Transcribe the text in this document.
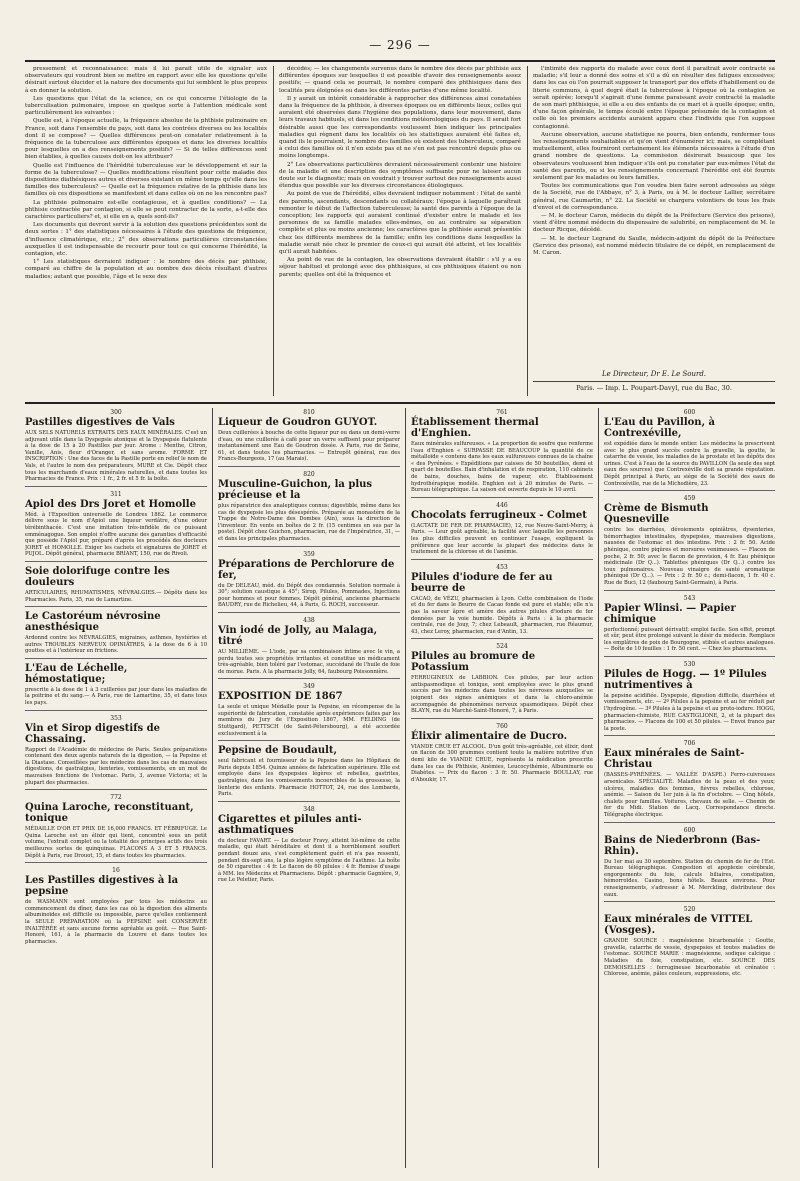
— 296 —

pressement et reconnaissance: mais il lui paraît utile de signaler aux observateurs qui voudront bien se mettre en rapport avec elle les questions qu'elle désirait surtout élucider et la nature des documents qui lui semblent le plus propres à en donner la solution.

Les questions que l'état de la science, en ce qui concerne l'étiologie de la tuberculisation pulmonaire, impose en quelque sorte à l'attention médicale sont particulièrement les suivantes :

Quelle est, à l'époque actuelle, la fréquence absolue de la phthisie pulmonaire en France, soit dans l'ensemble du pays, soit dans les contrées diverses ou les localités dont il se compose? — Quelles différences peut-on constater relativement à la fréquence de la tuberculose aux différentes époques et dans les diverses localités pour lesquelles on a des renseignements positifs? — Si de telles différences sont bien établies, à quelles causes doit-on les attribuer?

Quelle est l'influence de l'hérédité tuberculeuse sur le développement et sur la forme de la tuberculose? — Quelles modifications résultent pour cette maladie des dispositions diathésiques autres et diverses existant en même temps qu'elle dans les familles des tuberculeux? — Quelle est la fréquence relative de la phthisie dans les familles où ces dispositions se manifestent et dans celles où on ne les rencontre pas?

La phthisie pulmonaire est-elle contagieuse, et à quelles conditions? — La phthisie contractée par contagion, si elle se peut contracter de la sorte, a-t-elle des caractères particuliers? et, si elle en a, quels sont-ils?

Les documents qui devront servir à la solution des questions précédentes sont de deux sortes : 1° des statistiques nécessaires à l'étude des questions de fréquence, d'influence climatérique, etc.; 2° des observations particulières circonstanciées auxquelles il est indispensable de recourir pour tout ce qui concerne l'hérédité, la contagion, etc.

1° Les statistiques devraient indiquer : le nombre des décès par phthisie, comparé au chiffre de la population et au nombre des décès résultant d'autres maladies; autant que possible, l'âge et le sexe des

décédés; — les changements survenus dans le nombre des décès par phthisie aux différentes époques sur lesquelles il est possible d'avoir des renseignements assez positifs; — quand cela se pourrait, le nombre comparé des phthisiques dans des localités peu éloignées ou dans les différentes parties d'une même localité.

Il y aurait un intérêt considérable à rapprocher des différences ainsi constatées dans la fréquence de la phthisie, à diverses époques ou en différents lieux, celles qui auraient été observées dans l'hygiène des populations, dans leur mouvement, dans leurs travaux habituels, et dans les conditions météorologiques du pays. Il serait fort désirable aussi que les correspondants voulussent bien indiquer les principales maladies qui règnent dans les localités où les statistiques auraient été faites et, quand ils le pourraient, le nombre des familles où existent des tuberculeux, comparé à celui des familles où il n'en existe pas et ne s'en est pas rencontré depuis plus ou moins longtemps.

2° Les observations particulières devraient nécessairement contenir une histoire de la maladie et une description des symptômes suffisante pour ne laisser aucun doute sur le diagnostic; mais on voudrait y trouver surtout des renseignements aussi étendus que possible sur les diverses circonstances étiologiques.

Au point de vue de l'hérédité, elles devraient indiquer notamment : l'état de santé des parents, ascendants, descendants ou collatéraux; l'époque à laquelle paraîtrait remonter le début de l'affection tuberculeuse; la santé des parents à l'époque de la conception; les rapports qui auraient continué d'exister entre le malade et les personnes de sa famille malades elles-mêmes, ou au contraire sa séparation complète et plus ou moins ancienne; les caractères que la phthisie aurait présentés chez les différents membres de la famille; enfin les conditions dans lesquelles la maladie serait née chez le premier de ceux-ci qui aurait été atteint, et les localités qu'il aurait habitées.

Au point de vue de la contagion, les observations devraient établir : s'il y a eu séjour habituel et prolongé avec des phthisiques, si ces phthisiques étaient ou non parents; quelles ont été la fréquence et

l'intimité des rapports du malade avec ceux dont il paraîtrait avoir contracté sa maladie; s'il leur a donné des soins et s'il a dû en résulter des fatigues excessives; dans les cas où l'on pourrait supposer le transport par des effets d'habillement ou de literie communs, à quel degré était la tuberculose à l'époque où la contagion se serait opérée; lorsqu'il s'agirait d'une femme paraissant avoir contracté la maladie de son mari phthisique, si elle a eu des enfants de ce mari et à quelle époque; enfin, d'une façon générale, le temps écoulé entre l'époque présumée de la contagion et celle où les premiers accidents auraient apparu chez l'individu que l'on suppose contagionné.

Aucune observation, aucune statistique ne pourra, bien entendu, renfermer tous les renseignements souhaitables et qu'on vient d'énumérer ici; mais, se complétant mutuellement, elles fourniront certainement les éléments nécessaires à l'étude d'un grand nombre de questions. La commission désirerait beaucoup que les observateurs voulussent bien indiquer s'ils ont pu constater par eux-mêmes l'état de santé des parents, ou si les renseignements concernant l'hérédité ont été fournis seulement par les malades ou leurs familles.

Toutes les communications que l'on voudra bien faire seront adressées au siège de la Société, rue de l'Abbaye, n° 3, à Paris, ou à M. le docteur Lallier, secrétaire général, rue Caumartin, n° 22. La Société se chargera volontiers de tous les frais d'envoi et de correspondance.

— M. le docteur Caron, médecin du dépôt de la Préfecture (Service des prisons), vient d'être nommé médecin du dispensaire de salubrité, en remplacement de M. le docteur Ricque, décédé.

— M. le docteur Legrand du Saulle, médecin-adjoint du dépôt de la Préfecture (Service des prisons), est nommé médecin titulaire de ce dépôt, en remplacement de M. Caron.

Le Directeur, Dr E. Le Sourd.
Paris. — Imp. L. Poupart-Davyl, rue du Bac, 30.
300
Pastilles digestives de Vals
AUX SELS NATURELS EXTRAITS DES EAUX MINÉRALES. C'est un adjuvant utile dans la Dyspepsie atonique et la Dyspepsie flatulente à la dose de 15 à 20 Pastilles par jour. Arome : Menthe, Citron, Vanille, Anis, fleur d'Oranger, et sans arome. FORME ET INSCRIPTION : Une des faces de la Pastille porte en relief le nom de Vals, et l'autre le nom des préparateurs, MURE et Cie. Dépôt chez tous les marchands d'eaux minérales naturelles, et dans toutes les Pharmacies de France. Prix : 1 fr., 2 fr. et 5 fr. la boîte.
311
Apiol des Drs Joret et Homolle
Méd. à l'Exposition universelle de Londres 1862. Le commerce délivre sous le nom d'Apiol une liqueur verdâtre, d'une odeur térébinthacée. C'est une imitation très-infidèle de ce puissant emménagogue. Son emploi n'offre aucune des garanties d'efficacité que possède l'Apiol pur, préparé d'après les procédés des docteurs JORET et HOMOLLE. Exiger les cachets et signatures de JORET et PUJOL. Dépôt général, pharmacie BRIANT, 150, rue de Rivoli.
Soie dolorifuge contre les douleurs
ARTICULAIRES, RHUMATISMES, NÉVRALGIES.— Dépôts dans les Pharmacies. Paris, 35, rue de Lamartine.
Le Castoréum névrosine anesthésique
Ardonnd contre les NÉVRALGIES, migraines, asthmes, hystéries et autres TROUBLES NERVEUX OPINIÂTRES, à la dose de 6 à 10 gouttes et à l'extérieur en frictions.
L'Eau de Léchelle, hémostatique;
prescrite à la dose de 1 à 3 cuillerées par jour dans les maladies de la poitrine et du sang.— A Paris, rue de Lamartine, 35, et dans tous les pays.
353
Vin et Sirop digestifs de Chassaing.
Rapport de l'Académie de médecine de Paris. Seules préparations contenant des deux agents naturels de la digestion, — la Pepsine et la Diastase. Conseillées par les médecins dans les cas de mauvaises digestions, de gastralgies, lienteries, vomissements, en un mot de mauvaises fonctions de l'estomac. Paris, 3, avenue Victoria; et la plupart des pharmacies.
772
Quina Laroche, reconstituant, tonique
MÉDAILLE D'OR ET PRIX DE 16,000 FRANCS. ET FÉBRIFUGE. Le Quina Laroche est un élixir qui tient, concentré sous un petit volume, l'extrait complet ou la totalité des principes actifs des trois meilleures sortes de quinquinas. FLACONS A 3 ET 5 FRANCS. Dépôt à Paris, rue Drouot, 15, et dans toutes les pharmacies.
16
Les Pastilles digestives à la pepsine
de WASMANN sont employées par tous les médecins au commencement du dîner, dans les cas où la digestion des aliments albuminoïdes est difficile ou impossible, parce qu'elles contiennent la SEULE PRÉPARATION où la PEPSINE soit CONSERVÉE INALTÉRÉE et sans aucune forme agréable au goût. — Rue Saint-Honoré, 161, à la pharmacie du Louvre et dans toutes les pharmacies.
810
Liqueur de Goudron GUYOT.
Deux cuillerées à bouche de cette liqueur pur ou dans un demi-verre d'eau, ou une cuillerée à café pour un verre suffisent pour préparer instantanément une Eau de Goudron dosée. A Paris, rue de Seine, 61, et dans toutes les pharmacies. — Entrepôt général, rue des Francs-Bourgeois, 17 (au Marais).
820
Musculine-Guichon, la plus précieuse et la
plus réparatrice des analeptiques connus; digestible, même dans les cas de dyspepsie les plus désespérés. Préparée au monastère de la Trappe de Notre-Dame des Dombes (Ain), sous la direction de l'inventeur. En vente en boîtes de 2 fr. (15 centimes en sus par la poste). Dépôt chez Guichon, pharmacien, rue de l'Impératrice, 31, — et dans les principales pharmacies.
359
Préparations de Perchlorure de fer,
du Dr DELEAU, méd. du Dépôt des condamnés. Solution normale à 30°; solution caustique à 45°; Sirop, Pilules, Pommades, Injections pour hommes et pour femmes. Dépôt général, ancienne pharmacie BAUDRY, rue de Richelieu, 44, à Paris, G. ROCH, successeur.
438
Vin iodé de Jolly, au Malaga, titré
AU MILLIÈME. — L'iode, par sa combinaison intime avec le vin, a perdu toutes ses propriétés irritantes et constitue un médicament très-agréable, bien toléré par l'estomac, succédané de l'huile de foie de morue. Paris. A la pharmacie Jolly, 64, faubourg Poissonnière.
349
EXPOSITION DE 1867
La seule et unique Médaille pour la Pepsine, en récompense de la supériorité de fabrication, constatée après expériences faites par les membres du Jury de l'Exposition 1867, MM. FELDING (de Stuttgard), PETTSCH (de Saint-Pétersbourg), a été accordée exclusivement à la
Pepsine de Boudault,
seul fabricant et fournisseur de la Pepsine dans les Hôpitaux de Paris depuis 1854. Quinze années de fabrication supérieure. Elle est employée dans les dyspepsies légères et rebelles, gastrites, gastralgies, dans les vomissements incoercibles de la grossesse, la lienterie des enfants. Pharmacie HOTTOT, 24, rue des Lombards, Paris.
348
Cigarettes et pilules anti-asthmatiques
du docteur FAVART. — Le docteur Fravy, atteint lui-même de cette maladie, qui était héréditaire et dont il a horriblement souffert pendant douze ans, s'est complètement guéri et n'a pas ressenti, pendant dix-sept ans, la plus légère symptôme de l'asthme. La boîte de 50 cigarettes : 4 fr. Le flacon de 60 pilules : 4 fr. Remise d'usage à MM. les Médecins et Pharmaciens. Dépôt : pharmacie Gagnière, 9, rue Le Peletier, Paris.
761
Établissement thermal d'Enghien.
Eaux minérales sulfureuses. « La proportion de soufre que renferme l'eau d'Enghien « SURPASSE DE BEAUCOUP la quantité de ce métalloïde « contenu dans les eaux sulfureuses connues de la chaîne « des Pyrénées. » Expéditions par caisses de 50 bouteilles, demi et quart de bouteilles. Bain d'inhalation et de respiration, 110 cabinets de bains, douches, bains de vapeur, etc. Établissement hydrothérapique modèle. Enghien est à 20 minutes de Paris. — Bureau télégraphique. La saison est ouverte depuis le 10 avril.
446
Chocolats ferrugineux - Colmet
(LACTATE DE FER DE PHARMACIE), 12, rue Neuve-Saint-Merry, à Paris. — Leur goût agréable, la facilité avec laquelle les personnes les plus difficiles peuvent en continuer l'usage, expliquent la préférence que leur accorde la plupart des médecins dans le traitement de la chlorose et de l'anémie.
453
Pilules d'iodure de fer au beurre de
CACAO, de VÉZU, pharmacien à Lyon. Cette combinaison de l'iode et du fer dans le Beurre de Cacao fonde est pure et stable; elle n'a pas la saveur âpre et amère des autres pilules d'iodure de fer données par la voie humide. Dépôts à Paris : à la pharmacie centrale, rue de Jouy, 7; chez Lebeault, pharmacien, rue Réaumur, 43, chez Leroy, pharmacien, rue d'Antin, 13.
524
Pilules au bromure de Potassium
FERRUGINEUX de LABBION. Ces pilules, par leur action antispasmodique et tonique, sont employées avec le plus grand succès par les médecins dans toutes les névroses auxquelles se joignent des signes anémiques et dans la chloro-anémie accompagnée de phénomènes nerveux spasmodiques. Dépôt chez BLAYN, rue du Marché-Saint-Honoré, 7, à Paris.
760
Élixir alimentaire de Ducro.
VIANDE CRUE ET ALCOOL. D'un goût très-agréable, cet élixir, dont un flacon de 300 grammes contient toute la matière nutritive d'un demi kilo de VIANDE CRUE, représente la médication prescrite dans les cas de Phthisie, Anémies, Leucocythémie, Albuminurie ou Diabètes. — Prix du flacon : 3 fr. 50. Pharmacie BOULLAY, rue d'Aboukir, 17.
600
L'Eau du Pavillon, à Contrexéville,
est expédiée dans le monde entier. Les médecins la prescrivent avec le plus grand succès contre la gravelle, la goutte, le catarrhe de vessie, les maladies de la prostate et les dépôts des urines. C'est à l'eau de la source du PAVILLON (la seule des sept eaux des sources) que Contrexéville doit sa grande réputation. Dépôt principal à Paris, au siège de la Société des eaux de Contrexéville, rue de la Michodière, 23.
459
Crème de Bismuth Quesneville
contre les diarrhées, dévoiements opiniâtres, dysenteries, hémorrhagies intestinales, dyspepsies, mauvaises digestions, nausées de l'estomac et des intestins. Prix : 2 fr. 50. Acide phénique, contre piqûres et morsures venimeuses. — Flacon de poche, 2 fr. 50; avec le flacon de provision, 4 fr. Eau phénique médicinale (Dr Q...). Tablettes phéniques (Dr Q...) contre les toux pulmonaires. Nouveau vinaigre de santé aromatique phéniqué (Dr Q...). — Prix : 2 fr. 50 c.; demi-flacon, 1 fr. 40 c. Rue de Buci, 12 (faubourg Saint-Germain), à Paris.
543
Papier Wlinsi. — Papier chimique
perfectionné; puissant dérivatif; emploi facile. Son effet, prompt et sûr, peut être prolongé suivant le désir du médecin. Remplace les emplâtres de poix de Bourgogne, stibiés et autres analogues. — Boîte de 10 feuilles : 1 fr. 50 cent. — Chez les pharmaciens.
530
Pilules de Hogg. — 1º Pilules nutrimentives à
la pepsine acidifiée. Dyspepsie, digestion difficile, diarrhées et vomissements, etc. — 2º Pilules à la pepsine et au fer réduit par l'hydrogène. — 3º Pilules à la pepsine et au proto-iodure. HOGG, pharmacien-chimiste, RUE CASTIGLIONE, 2, et la plupart des pharmacies. — Flacons de 100 et 50 pilules. — Envoi franco par la poste.
706
Eaux minérales de Saint-Christau
(BASSES-PYRÉNÉES. — VALLÉE D'ASPE.) Ferro-cuivreuses arsenicales. SPÉCIALITÉ. Maladies de la peau et des yeux; ulcères, maladies des femmes, fièvres rebelles, chlorose, anémie. — Saison du 1er juin à la fin d'octobre. — Cinq hôtels, chalets pour familles. Voitures, chevaux de selle. — Chemin de fer du Midi. Station de Lacq. Correspondance directe. Télégraphe électrique.
600
Bains de Niederbronn (Bas-Rhin).
Du 1er mai au 30 septembre. Station du chemin de fer de l'Est. Bureau télégraphique. Congestion et apoplexie cérébrale, engorgements du foie, calculs biliaires, constipation, hémorroïdes. Casino, bons hôtels. Beaux environs. Pour renseignements, s'adresser à M. Merckling, distributeur des eaux.
520
Eaux minérales de VITTEL (Vosges).
GRANDE SOURCE : magnésienne bicarbonatée : Goutte, gravelle, catarrhe de vessie, dyspepsies et toutes maladies de l'estomac. SOURCE MARIE : magnésienne, sodique calcique : Maladies du foie, constipation, etc. SOURCE DES DEMOISELLES : ferrugineuse bicarbonatée et crénatée : Chlorose, anémie, pâles couleurs, suppressions, etc.
